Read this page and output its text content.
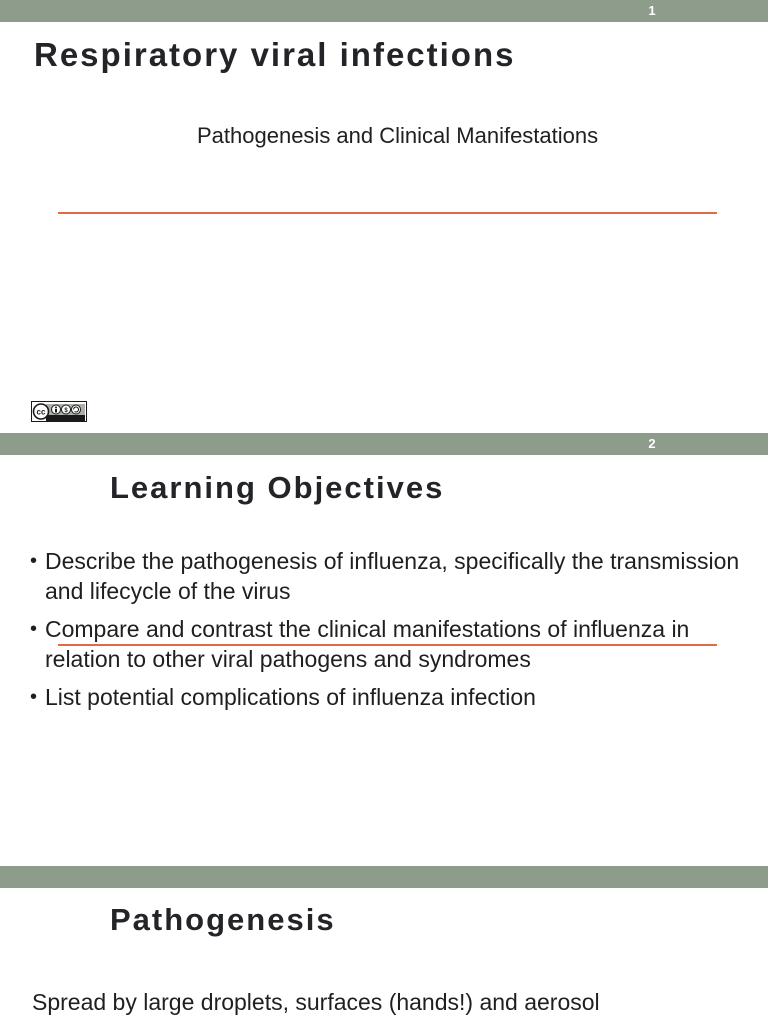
1
Respiratory viral infections
Pathogenesis and Clinical Manifestations
cc	$
2
Learning Objectives
• Describe the pathogenesis of influenza, specifically the transmission and lifecycle of the virus
• Compare and contrast the clinical manifestations of influenza in relation to other viral pathogens and syndromes
• List potential complications of influenza infection
Pathogenesis
Spread by large droplets, surfaces (hands!) and aerosol
